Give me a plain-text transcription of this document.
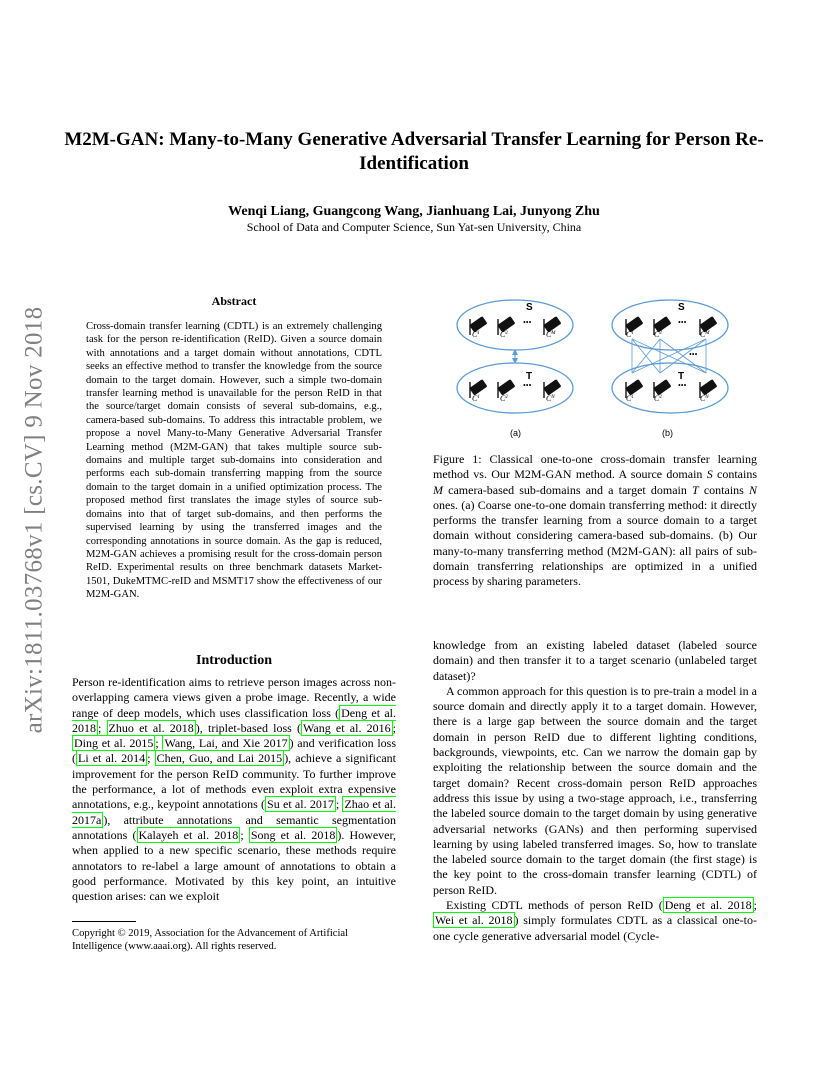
M2M-GAN: Many-to-Many Generative Adversarial Transfer Learning for Person Re-Identification
Wenqi Liang, Guangcong Wang, Jianhuang Lai, Junyong Zhu
School of Data and Computer Science, Sun Yat-sen University, China
arXiv:1811.03768v1 [cs.CV] 9 Nov 2018
Abstract
Cross-domain transfer learning (CDTL) is an extremely challenging task for the person re-identification (ReID). Given a source domain with annotations and a target domain without annotations, CDTL seeks an effective method to transfer the knowledge from the source domain to the target domain. However, such a simple two-domain transfer learning method is unavailable for the person ReID in that the source/target domain consists of several sub-domains, e.g., camera-based sub-domains. To address this intractable problem, we propose a novel Many-to-Many Generative Adversarial Transfer Learning method (M2M-GAN) that takes multiple source sub-domains and multiple target sub-domains into consideration and performs each sub-domain transferring mapping from the source domain to the target domain in a unified optimization process. The proposed method first translates the image styles of source sub-domains into that of target sub-domains, and then performs the supervised learning by using the transferred images and the corresponding annotations in source domain. As the gap is reduced, M2M-GAN achieves a promising result for the cross-domain person ReID. Experimental results on three benchmark datasets Market-1501, DukeMTMC-reID and MSMT17 show the effectiveness of our M2M-GAN.
S
T
•••
•••
$C^1$	$C^2$	$C^M$
$C^1$	$C^2$	$C^N$
(a)
S
T
•••
•••
•••
$C^1$	$C^2$	$C^M$
$C^1$	$C^2$	$C^N$
(b)
Figure 1: Classical one-to-one cross-domain transfer learning method vs. Our M2M-GAN method. A source domain S contains M camera-based sub-domains and a target domain T contains N ones. (a) Coarse one-to-one domain transferring method: it directly performs the transfer learning from a source domain to a target domain without considering camera-based sub-domains. (b) Our many-to-many transferring method (M2M-GAN): all pairs of sub-domain transferring relationships are optimized in a unified process by sharing parameters.
Introduction
Person re-identification aims to retrieve person images across non-overlapping camera views given a probe image. Recently, a wide range of deep models, which uses classification loss ( Deng et al. 2018 ; Zhuo et al. 2018 ), triplet-based loss ( Wang et al. 2016 ; Ding et al. 2015 ; Wang, Lai, and Xie 2017 ) and verification loss ( Li et al. 2014 ; Chen, Guo, and Lai 2015 ), achieve a significant improvement for the person ReID community. To further improve the performance, a lot of methods even exploit extra expensive annotations, e.g., keypoint annotations ( Su et al. 2017 ; Zhao et al. 2017a ), attribute annotations and semantic segmentation annotations ( Kalayeh et al. 2018 ; Song et al. 2018 ). However, when applied to a new specific scenario, these methods require annotators to re-label a large amount of annotations to obtain a good performance. Motivated by this key point, an intuitive question arises: can we exploit

knowledge from an existing labeled dataset (labeled source domain) and then transfer it to a target scenario (unlabeled target dataset)?

A common approach for this question is to pre-train a model in a source domain and directly apply it to a target domain. However, there is a large gap between the source domain and the target domain in person ReID due to different lighting conditions, backgrounds, viewpoints, etc. Can we narrow the domain gap by exploiting the relationship between the source domain and the target domain? Recent cross-domain person ReID approaches address this issue by using a two-stage approach, i.e., transferring the labeled source domain to the target domain by using generative adversarial networks (GANs) and then performing supervised learning by using labeled transferred images. So, how to translate the labeled source domain to the target domain (the first stage) is the key point to the cross-domain transfer learning (CDTL) of person ReID.

Existing CDTL methods of person ReID ( Deng et al. 2018 ; Wei et al. 2018 ) simply formulates CDTL as a classical one-to-one cycle generative adversarial model (Cycle-

Copyright © 2019, Association for the Advancement of Artificial Intelligence (www.aaai.org). All rights reserved.
